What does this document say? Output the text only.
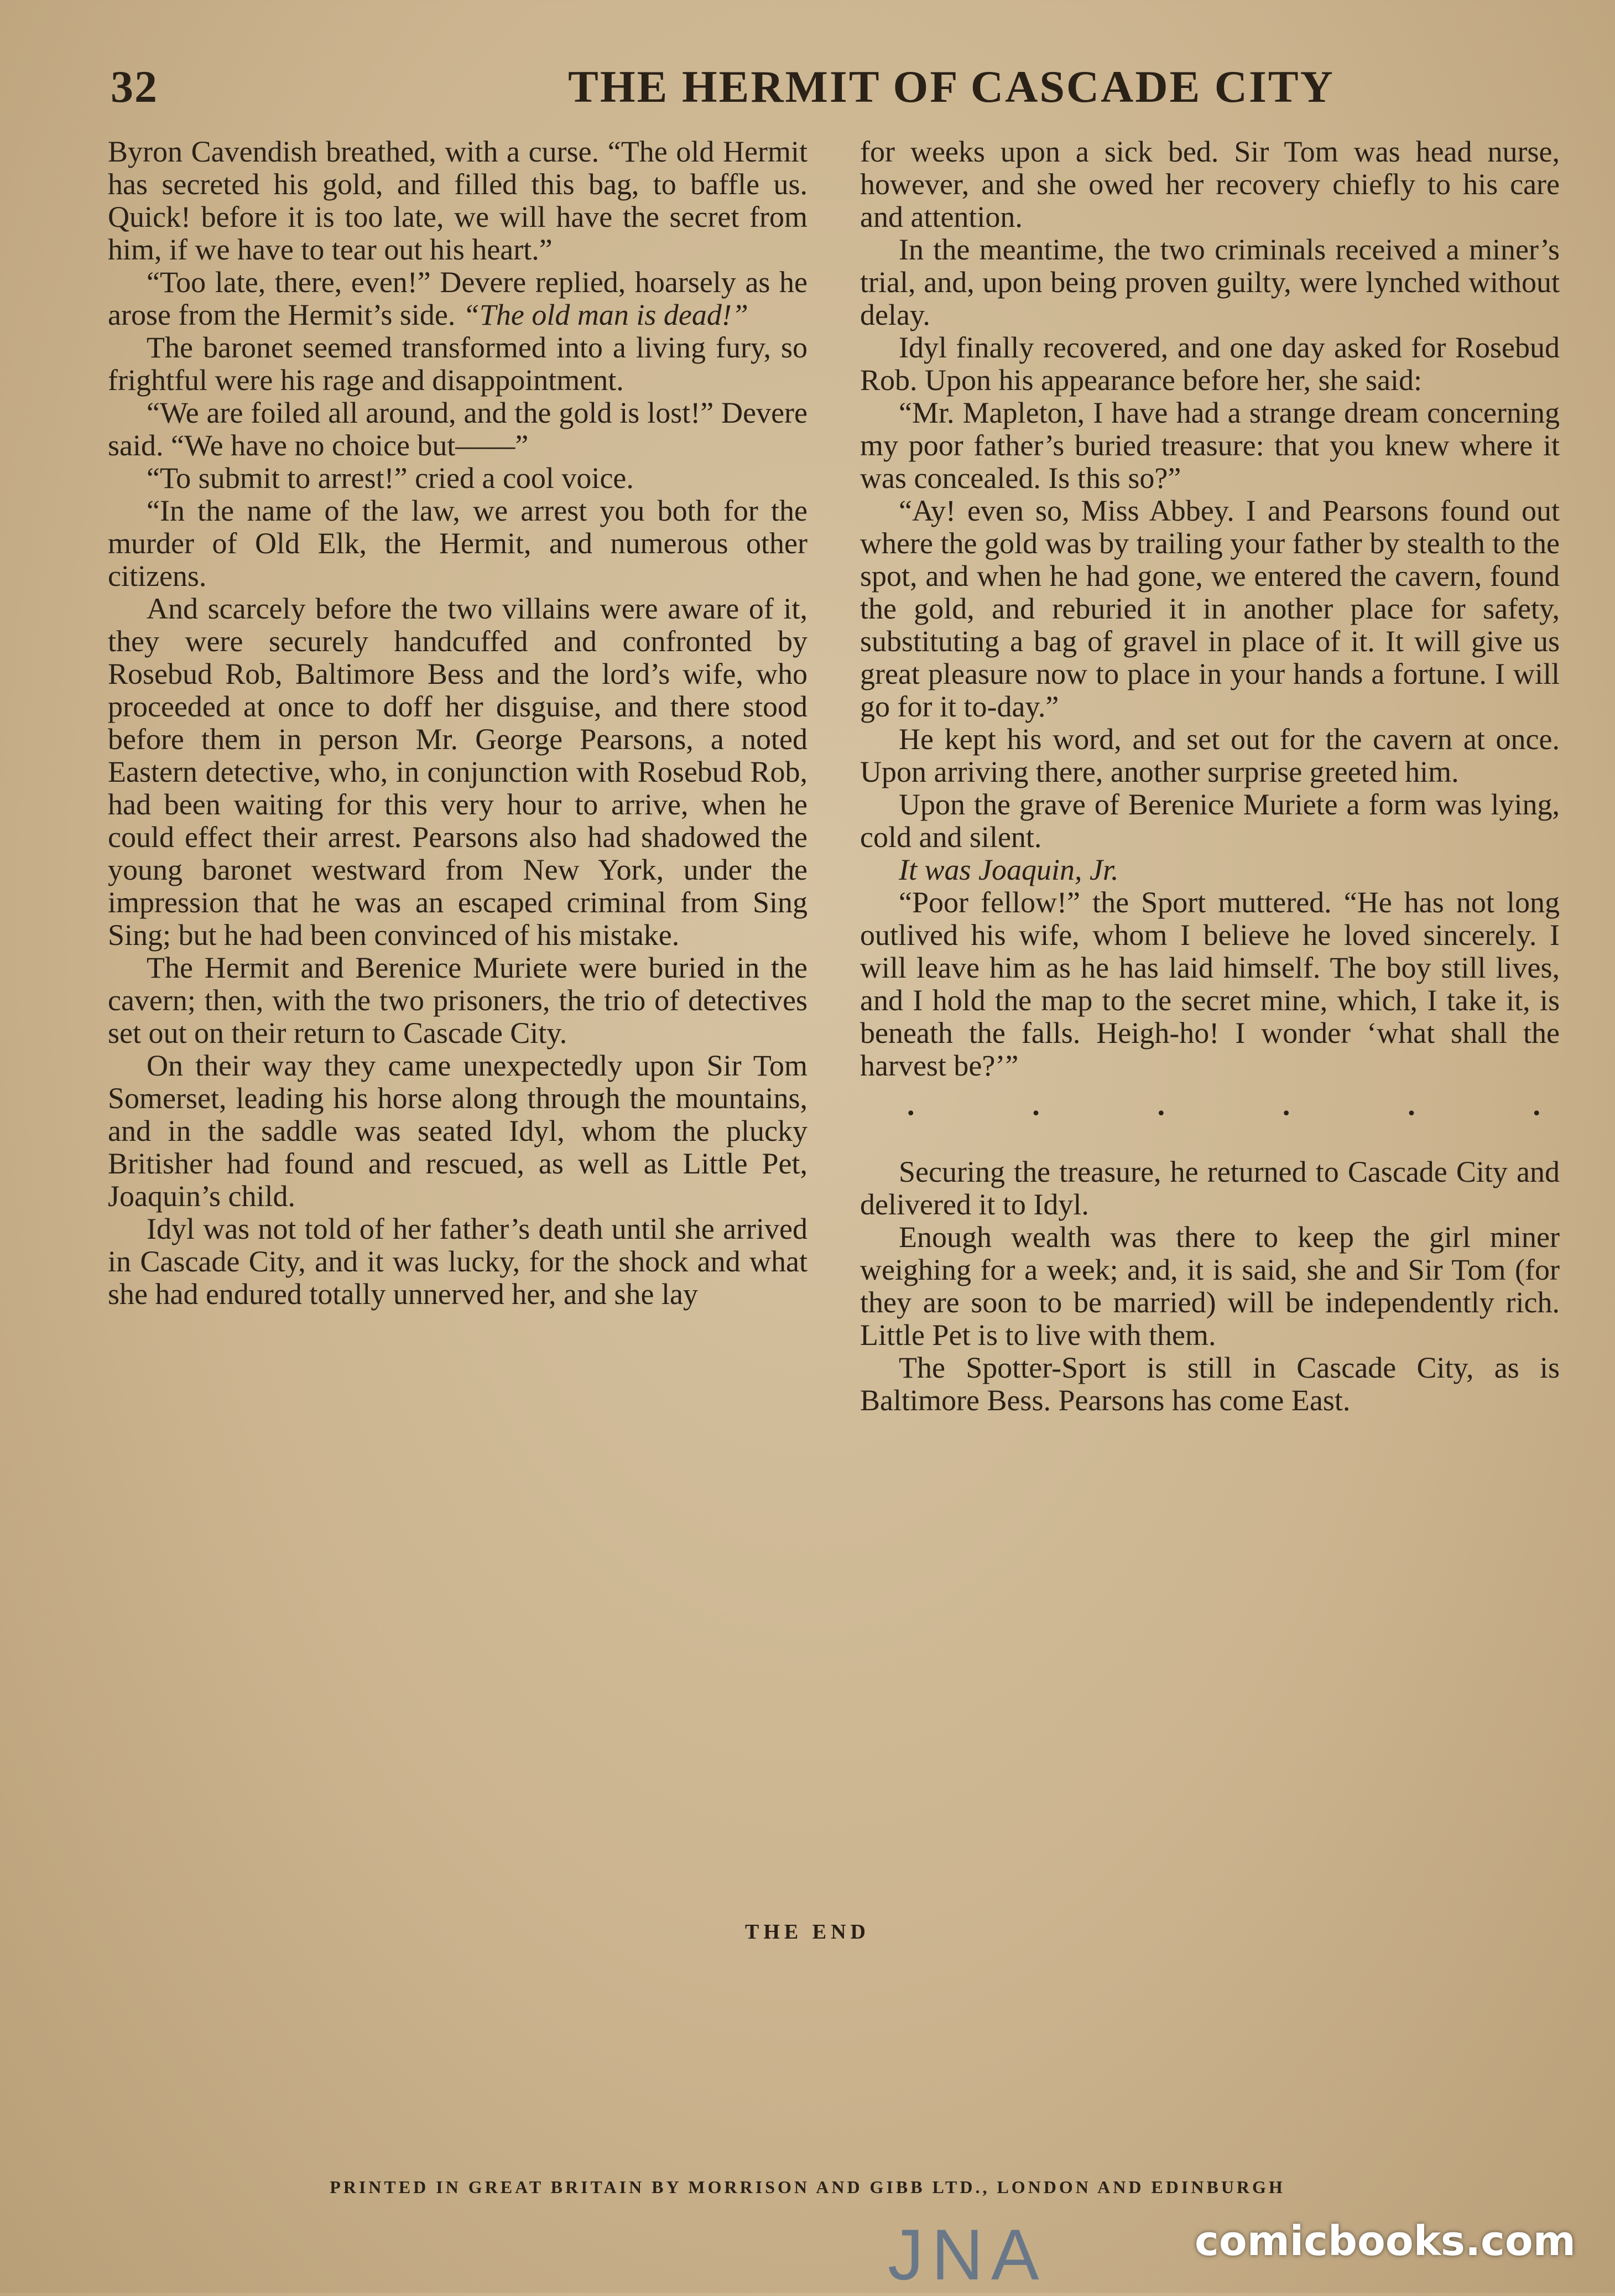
32	THE HERMIT OF CASCADE CITY

Byron Cavendish breathed, with a curse. “The old Hermit has secreted his gold, and filled this bag, to baffle us. Quick! before it is too late, we will have the secret from him, if we have to tear out his heart.”

“Too late, there, even!” Devere replied, hoarsely as he arose from the Hermit’s side. “The old man is dead!”

The baronet seemed transformed into a living fury, so frightful were his rage and disappointment.

“We are foiled all around, and the gold is lost!” Devere said. “We have no choice but——”

“To submit to arrest!” cried a cool voice.

“In the name of the law, we arrest you both for the murder of Old Elk, the Hermit, and numerous other citizens.

And scarcely before the two villains were aware of it, they were securely handcuffed and confronted by Rosebud Rob, Baltimore Bess and the lord’s wife, who proceeded at once to doff her disguise, and there stood before them in person Mr. George Pearsons, a noted Eastern detective, who, in conjunction with Rosebud Rob, had been waiting for this very hour to arrive, when he could effect their arrest. Pearsons also had shadowed the young baronet westward from New York, under the impression that he was an escaped criminal from Sing Sing; but he had been convinced of his mistake.

The Hermit and Berenice Muriete were buried in the cavern; then, with the two prisoners, the trio of detectives set out on their return to Cascade City.

On their way they came unexpectedly upon Sir Tom Somerset, leading his horse along through the mountains, and in the saddle was seated Idyl, whom the plucky Britisher had found and rescued, as well as Little Pet, Joaquin’s child.

Idyl was not told of her father’s death until she arrived in Cascade City, and it was lucky, for the shock and what she had endured totally unnerved her, and she lay

for weeks upon a sick bed. Sir Tom was head nurse, however, and she owed her recovery chiefly to his care and attention.

In the meantime, the two criminals received a miner’s trial, and, upon being proven guilty, were lynched without delay.

Idyl finally recovered, and one day asked for Rosebud Rob. Upon his appearance before her, she said:

“Mr. Mapleton, I have had a strange dream concerning my poor father’s buried treasure: that you knew where it was concealed. Is this so?”

“Ay! even so, Miss Abbey. I and Pearsons found out where the gold was by trailing your father by stealth to the spot, and when he had gone, we entered the cavern, found the gold, and reburied it in another place for safety, substituting a bag of gravel in place of it. It will give us great pleasure now to place in your hands a fortune. I will go for it to-day.”

He kept his word, and set out for the cavern at once. Upon arriving there, another surprise greeted him.

Upon the grave of Berenice Muriete a form was lying, cold and silent.

It was Joaquin, Jr.

“Poor fellow!” the Sport muttered. “He has not long outlived his wife, whom I believe he loved sincerely. I will leave him as he has laid himself. The boy still lives, and I hold the map to the secret mine, which, I take it, is beneath the falls. Heigh-ho! I wonder ‘what shall the harvest be?’”

.	.	.	.	.	.

Securing the treasure, he returned to Cascade City and delivered it to Idyl.

Enough wealth was there to keep the girl miner weighing for a week; and, it is said, she and Sir Tom (for they are soon to be married) will be independently rich. Little Pet is to live with them.

The Spotter-Sport is still in Cascade City, as is Baltimore Bess. Pearsons has come East.

THE END
PRINTED IN GREAT BRITAIN BY MORRISON AND GIBB LTD., LONDON AND EDINBURGH
JNA	comicbooks.com
